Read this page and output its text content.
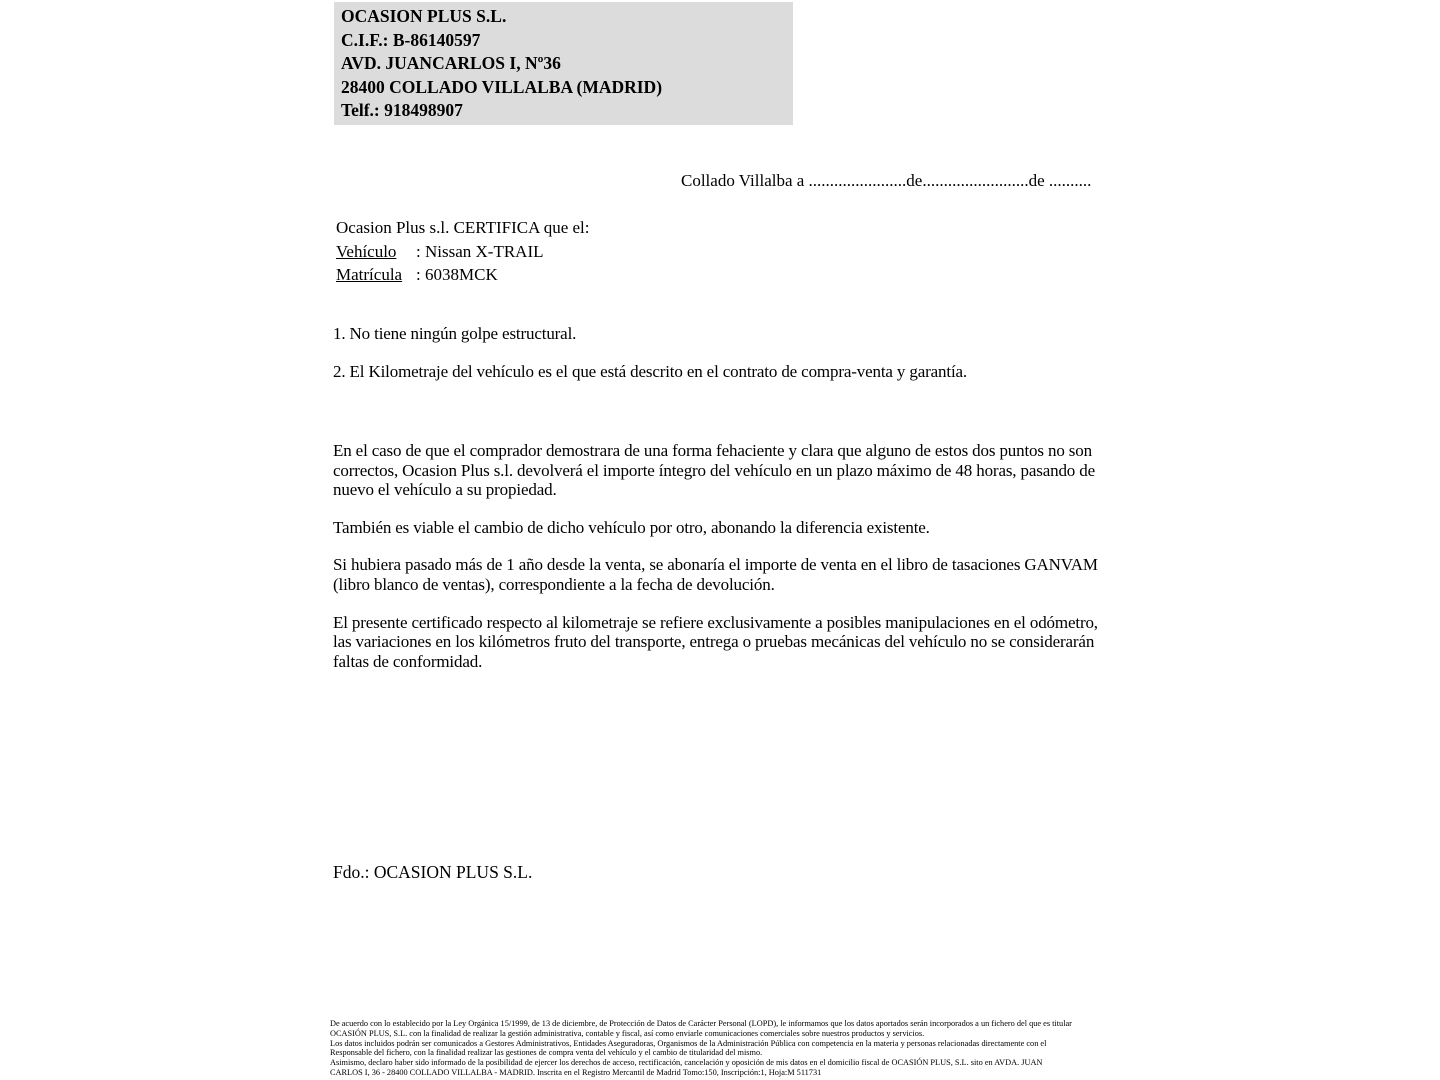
OCASION PLUS S.L.
C.I.F.: B-86140597
AVD. JUANCARLOS I, Nº36
28400 COLLADO VILLALBA (MADRID)
Telf.: 918498907
Collado Villalba a .......................de.........................de ..........
Ocasion Plus s.l. CERTIFICA que el:
Vehículo : Nissan X-TRAIL
Matrícula : 6038MCK
1. No tiene ningún golpe estructural.
2. El Kilometraje del vehículo es el que está descrito en el contrato de compra-venta y garantía.

En el caso de que el comprador demostrara de una forma fehaciente y clara que alguno de estos dos puntos no son correctos, Ocasion Plus s.l. devolverá el importe íntegro del vehículo en un plazo máximo de 48 horas, pasando de nuevo el vehículo a su propiedad.

También es viable el cambio de dicho vehículo por otro, abonando la diferencia existente.

Si hubiera pasado más de 1 año desde la venta, se abonaría el importe de venta en el libro de tasaciones GANVAM (libro blanco de ventas), correspondiente a la fecha de devolución.

El presente certificado respecto al kilometraje se refiere exclusivamente a posibles manipulaciones en el odómetro, las variaciones en los kilómetros fruto del transporte, entrega o pruebas mecánicas del vehículo no se considerarán faltas de conformidad.

Fdo.: OCASION PLUS S.L.
De acuerdo con lo establecido por la Ley Orgánica 15/1999, de 13 de diciembre, de Protección de Datos de Carácter Personal (LOPD), le informamos que los datos aportados serán incorporados a un fichero del que es titular
OCASIÓN PLUS, S.L. con la finalidad de realizar la gestión administrativa, contable y fiscal, así como enviarle comunicaciones comerciales sobre nuestros productos y servicios.
Los datos incluidos podrán ser comunicados a Gestores Administrativos, Entidades Aseguradoras, Organismos de la Administración Pública con competencia en la materia y personas relacionadas directamente con el
Responsable del fichero, con la finalidad realizar las gestiones de compra venta del vehículo y el cambio de titularidad del mismo.
Asimismo, declaro haber sido informado de la posibilidad de ejercer los derechos de acceso, rectificación, cancelación y oposición de mis datos en el domicilio fiscal de OCASIÓN PLUS, S.L. sito en AVDA. JUAN
CARLOS I, 36 - 28400 COLLADO VILLALBA - MADRID. Inscrita en el Registro Mercantil de Madrid Tomo:150, Inscripción:1, Hoja:M 511731
